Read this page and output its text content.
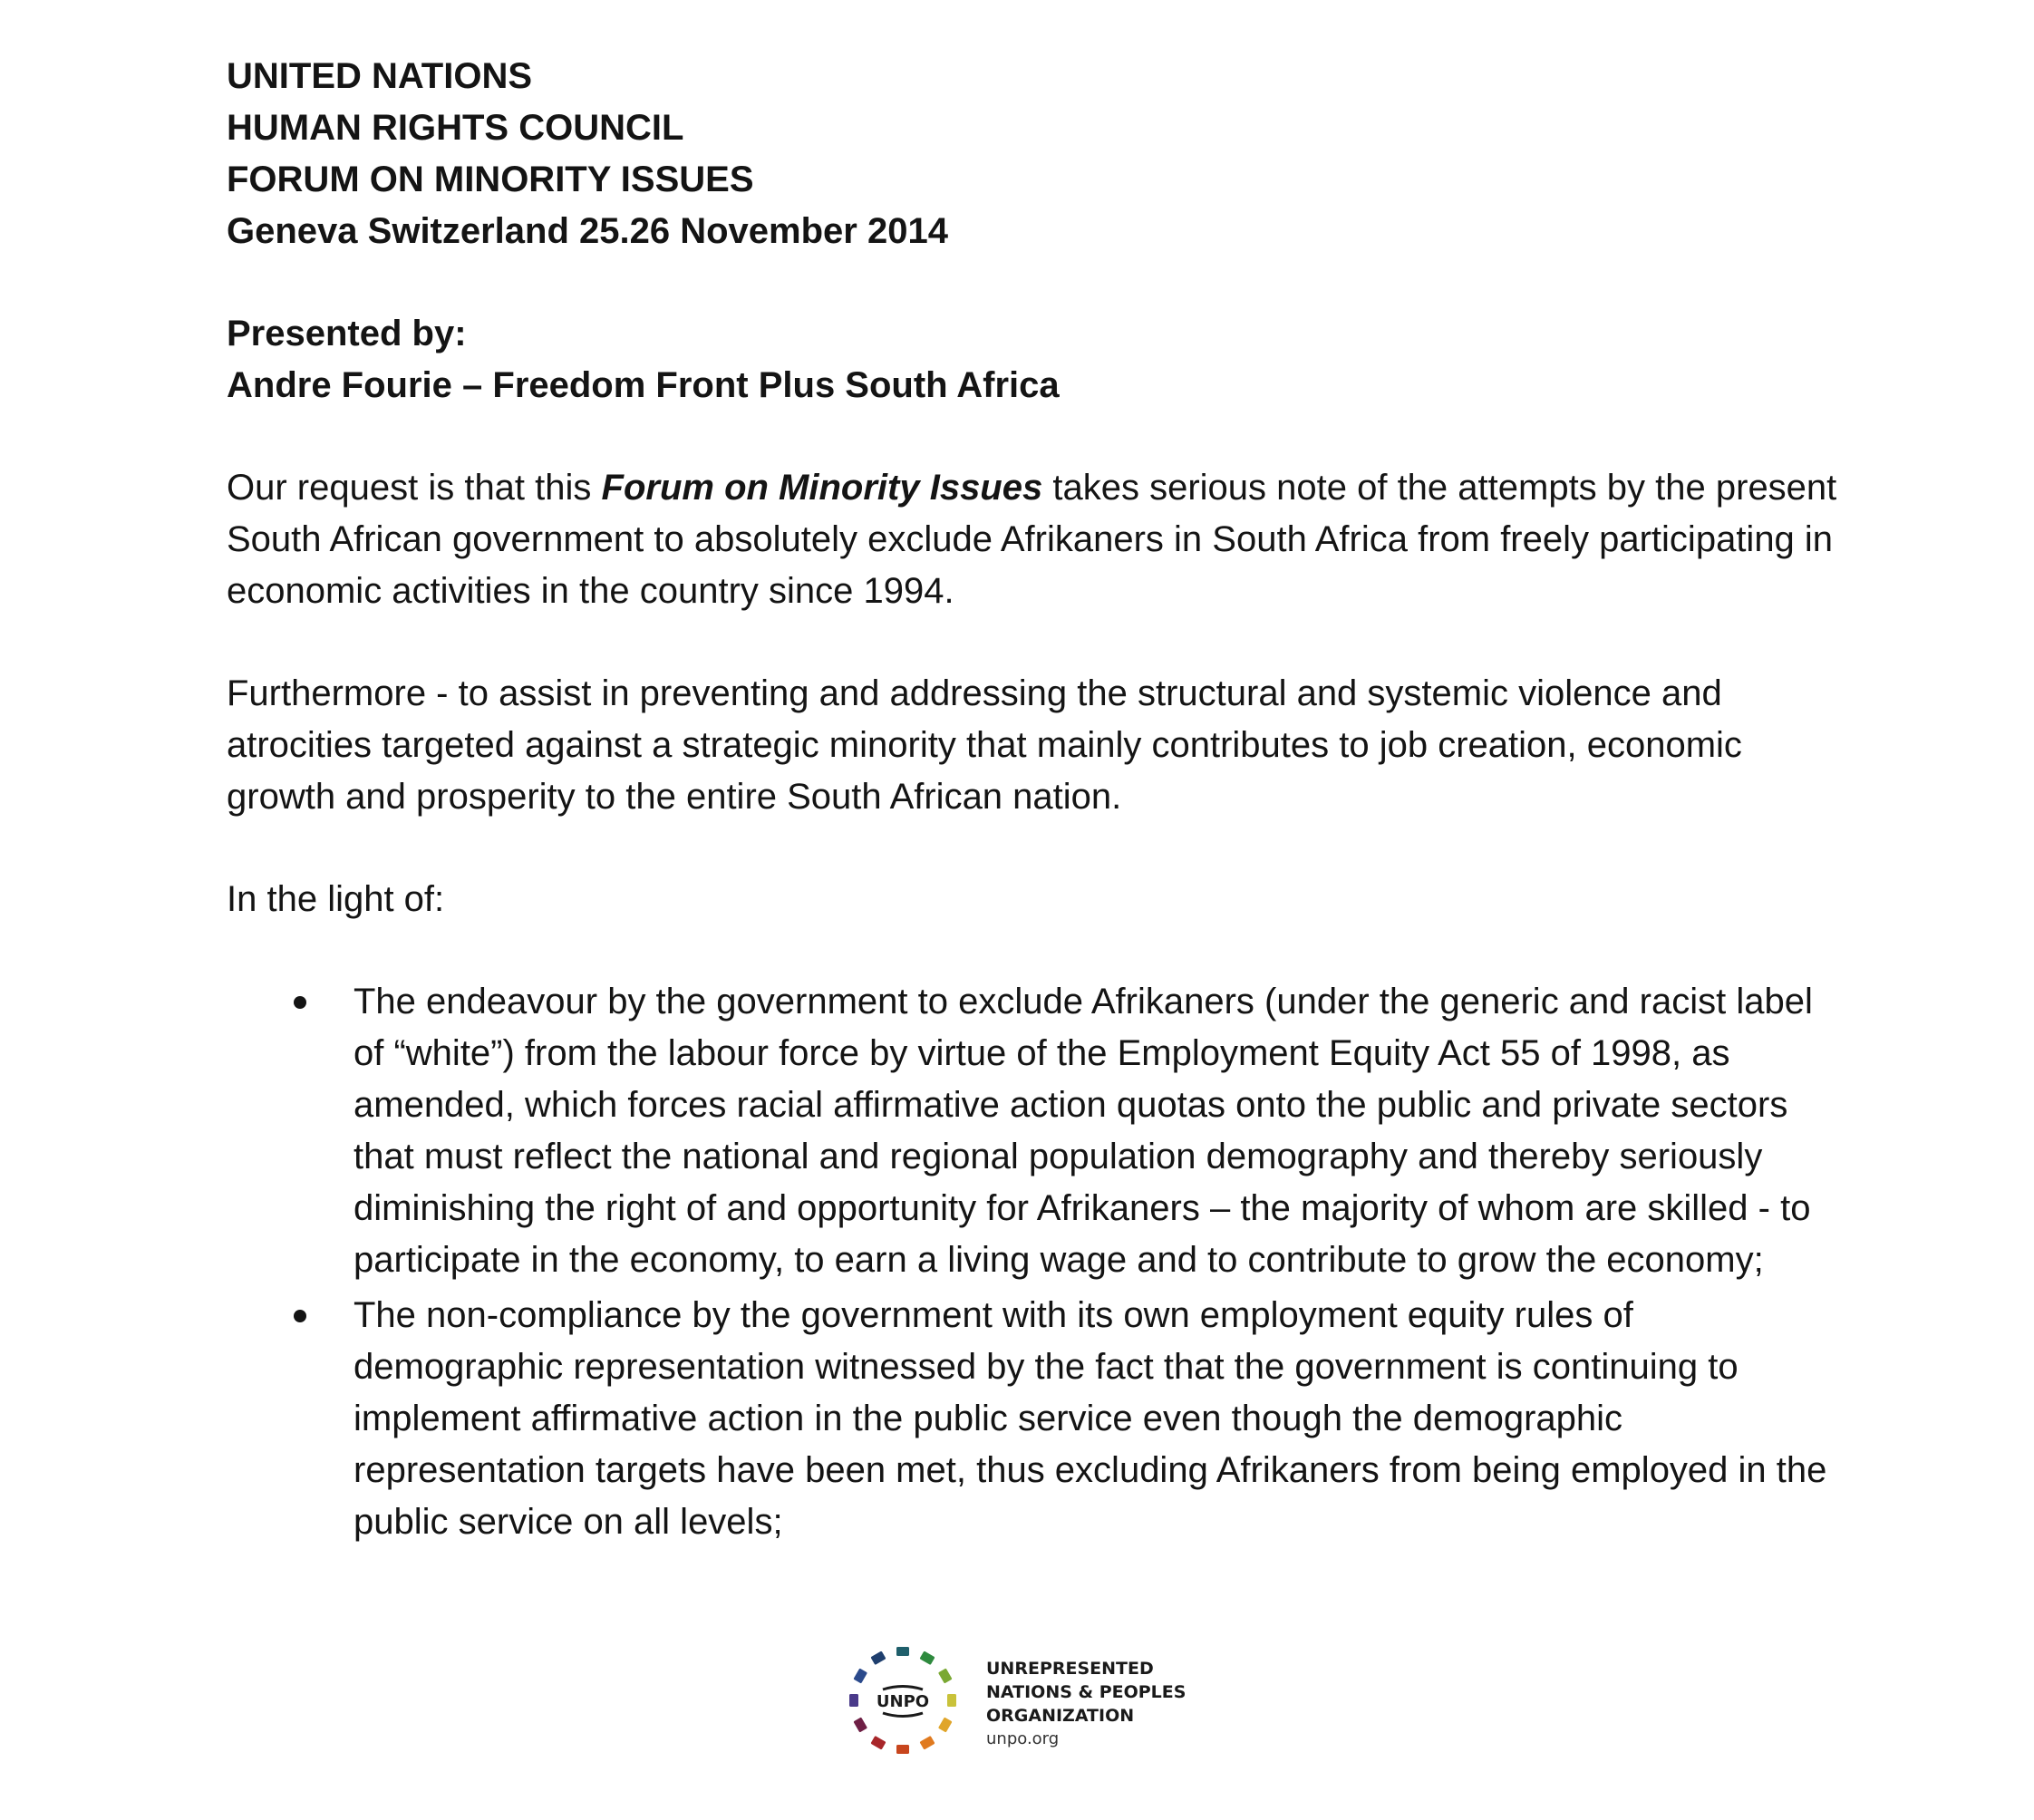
UNITED NATIONS

HUMAN RIGHTS COUNCIL

FORUM ON MINORITY ISSUES

Geneva Switzerland 25.26 November 2014

Presented by:

Andre Fourie – Freedom Front Plus South Africa

Our request is that this Forum on Minority Issues takes serious note of the attempts by the present South African government to absolutely exclude Afrikaners in South Africa from freely participating in economic activities in the country since 1994.

Furthermore - to assist in preventing and addressing the structural and systemic violence and atrocities targeted against a strategic minority that mainly contributes to job creation, economic growth and prosperity to the entire South African nation.

In the light of:

The endeavour by the government to exclude Afrikaners (under the generic and racist label of “white”) from the labour force by virtue of the Employment Equity Act 55 of 1998, as amended, which forces racial affirmative action quotas onto the public and private sectors that must reflect the national and regional population demography and thereby seriously diminishing the right of and opportunity for Afrikaners – the majority of whom are skilled - to participate in the economy, to earn a living wage and to contribute to grow the economy;
The non-compliance by the government with its own employment equity rules of demographic representation witnessed by the fact that the government is continuing to implement affirmative action in the public service even though the demographic representation targets have been met, thus excluding Afrikaners from being employed in the public service on all levels;
UNPO
UNREPRESENTED
NATIONS & PEOPLES
ORGANIZATION
unpo.org
